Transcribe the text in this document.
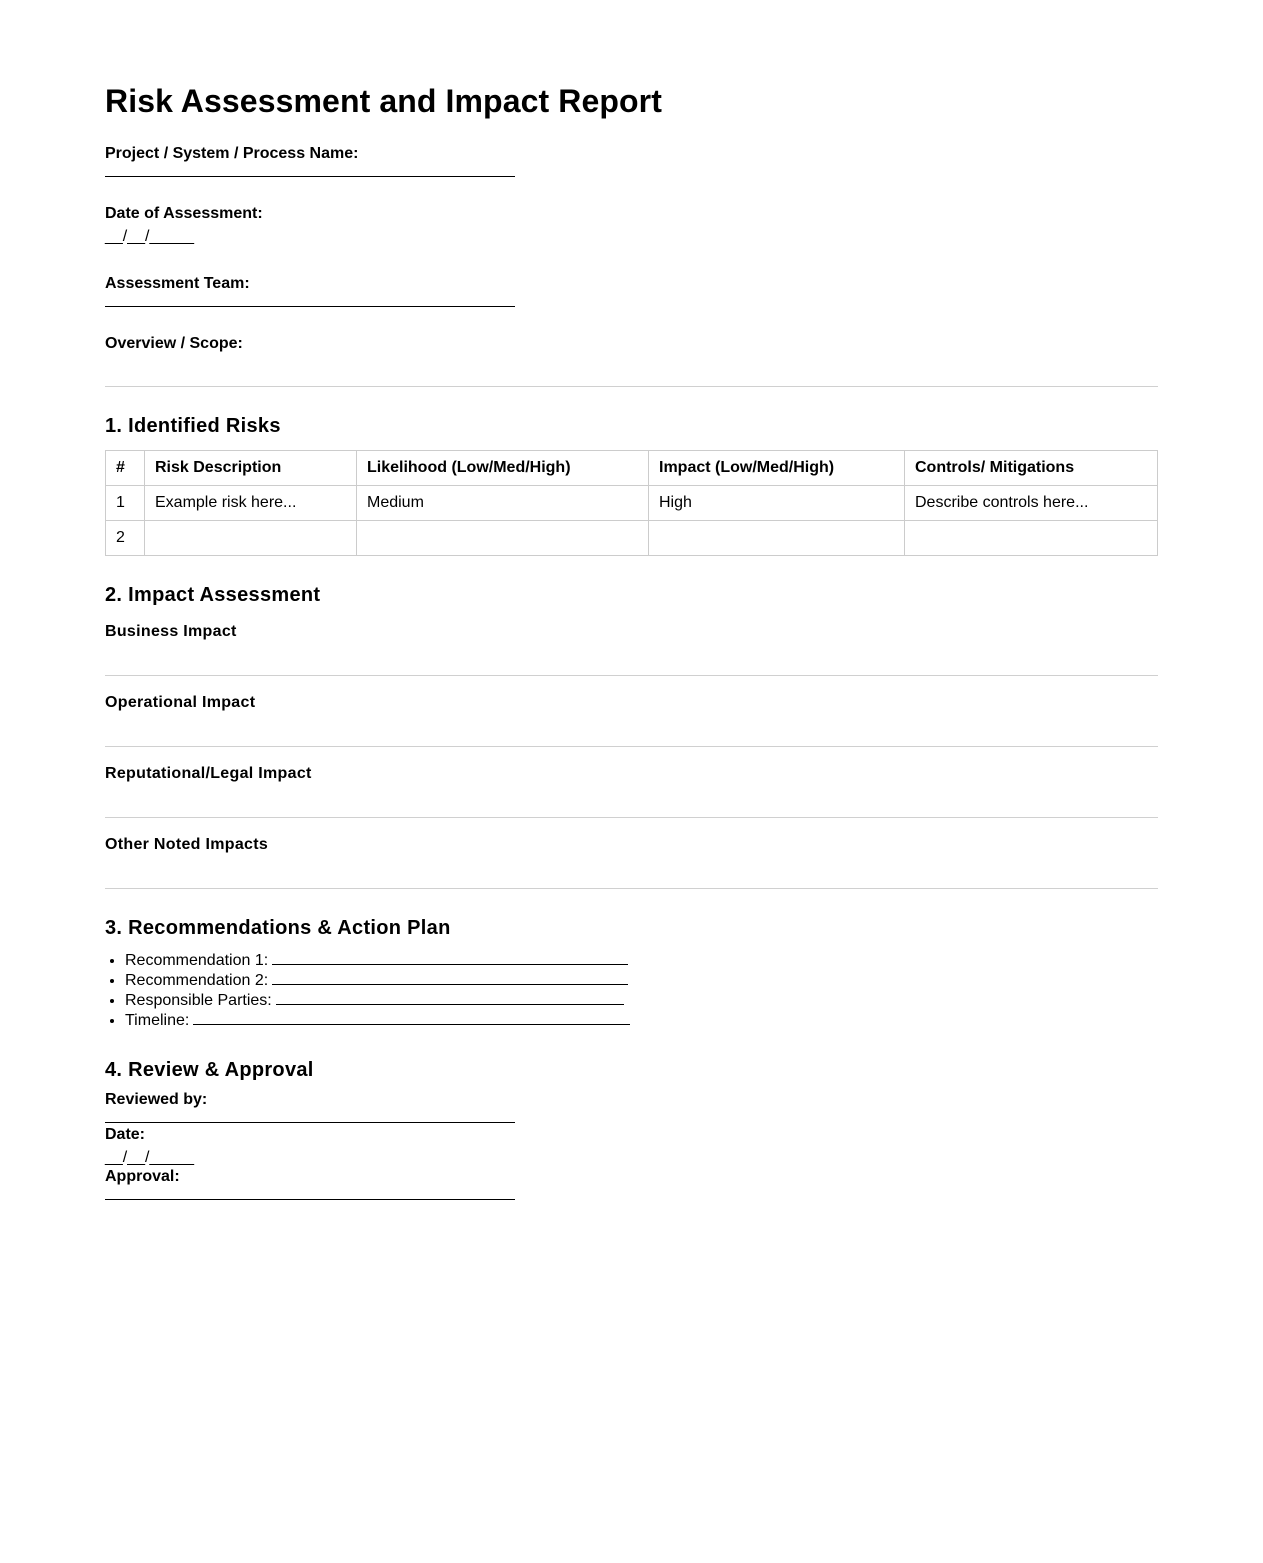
Risk Assessment and Impact Report
Project / System / Process Name:
Date of Assessment:
__/__/_____
Assessment Team:
Overview / Scope:
1. Identified Risks
#	Risk Description	Likelihood (Low/Med/High)	Impact (Low/Med/High)	Controls/ Mitigations
1	Example risk here...	Medium	High	Describe controls here...
2				
2. Impact Assessment
Business Impact
Operational Impact
Reputational/Legal Impact
Other Noted Impacts
3. Recommendations & Action Plan
• Recommendation 1:
• Recommendation 2:
• Responsible Parties:
• Timeline:
4. Review & Approval
Reviewed by:
Date:
__/__/_____
Approval:
